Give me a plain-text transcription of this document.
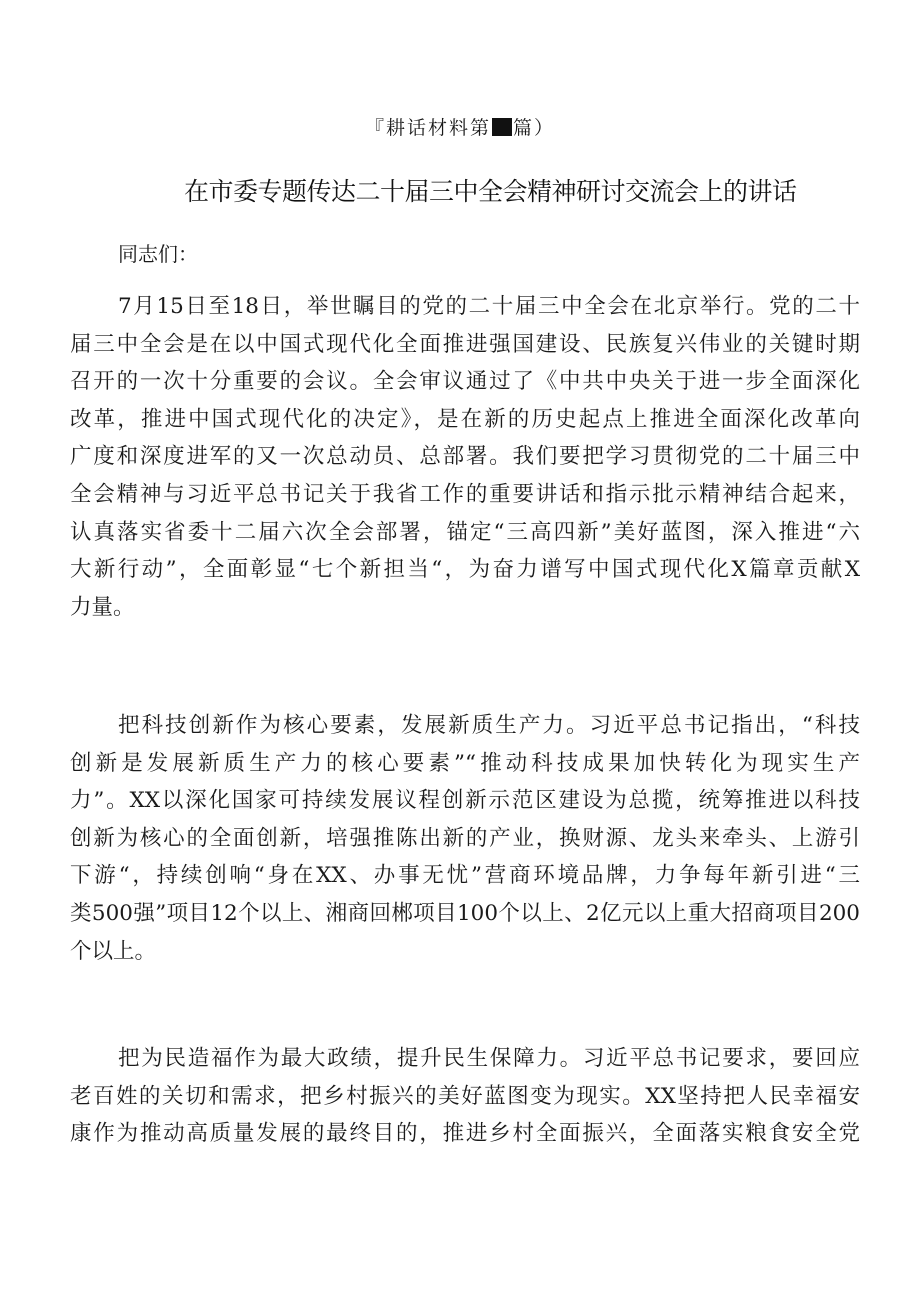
『耕话材料第 篇）
在市委专题传达二十届三中全会精神研讨交流会上的讲话
同志们：
7月15日至18日，举世瞩目的党的二十届三中全会在北京举行。党的二十
届三中全会是在以中国式现代化全面推进强国建设、民族复兴伟业的关键时期
召开的一次十分重要的会议。全会审议通过了《中共中央关于进一步全面深化
改革，推进中国式现代化的决定》，是在新的历史起点上推进全面深化改革向
广度和深度进军的又一次总动员、总部署。我们要把学习贯彻党的二十届三中
全会精神与习近平总书记关于我省工作的重要讲话和指示批示精神结合起来，
认真落实省委十二届六次全会部署，锚定“三高四新”美好蓝图，深入推进“六
大新行动”，全面彰显“七个新担当“，为奋力谱写中国式现代化X篇章贡献X
力量。
把科技创新作为核心要素，发展新质生产力。习近平总书记指出，“科技
创新是发展新质生产力的核心要素”“推动科技成果加快转化为现实生产
力”。XX以深化国家可持续发展议程创新示范区建设为总揽，统筹推进以科技
创新为核心的全面创新，培强推陈出新的产业，换财源、龙头来牵头、上游引
下游“，持续创响“身在XX、办事无忧”营商环境品牌，力争每年新引进“三
类500强”项目12个以上、湘商回郴项目100个以上、2亿元以上重大招商项目200
个以上。
把为民造福作为最大政绩，提升民生保障力。习近平总书记要求，要回应
老百姓的关切和需求，把乡村振兴的美好蓝图变为现实。XX坚持把人民幸福安
康作为推动高质量发展的最终目的，推进乡村全面振兴，全面落实粮食安全党
